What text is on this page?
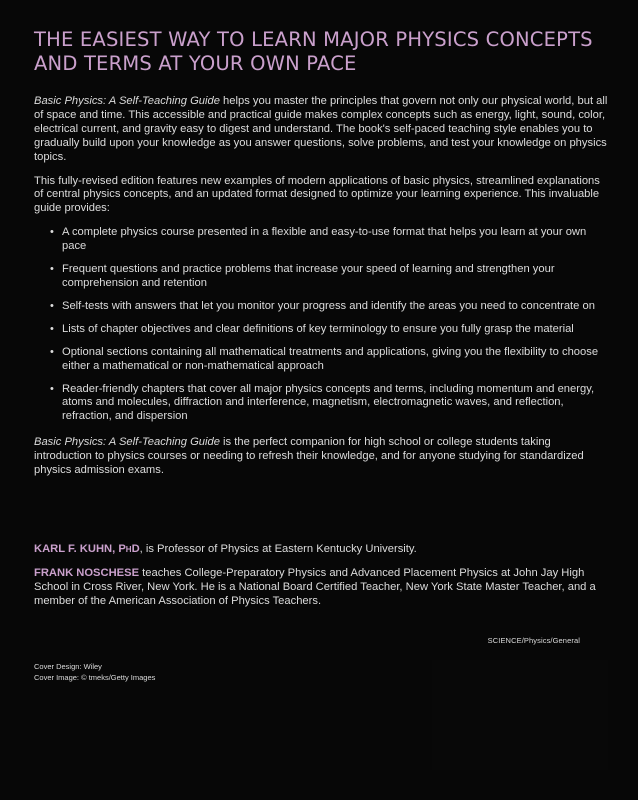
THE EASIEST WAY TO LEARN MAJOR PHYSICS CONCEPTS
AND TERMS AT YOUR OWN PACE

Basic Physics: A Self-Teaching Guide helps you master the principles that govern not only our physical world, but all of space and time. This accessible and practical guide makes complex concepts such as energy, light, sound, color, electrical current, and gravity easy to digest and understand. The book's self-paced teaching style enables you to gradually build upon your knowledge as you answer questions, solve problems, and test your knowledge on physics topics.

This fully-revised edition features new examples of modern applications of basic physics, streamlined explanations of central physics concepts, and an updated format designed to optimize your learning experience. This invaluable guide provides:

• A complete physics course presented in a flexible and easy-to-use format that helps you learn at your own pace
• Frequent questions and practice problems that increase your speed of learning and strengthen your comprehension and retention
• Self-tests with answers that let you monitor your progress and identify the areas you need to concentrate on
• Lists of chapter objectives and clear definitions of key terminology to ensure you fully grasp the material
• Optional sections containing all mathematical treatments and applications, giving you the flexibility to choose either a mathematical or non-mathematical approach
• Reader-friendly chapters that cover all major physics concepts and terms, including momentum and energy, atoms and molecules, diffraction and interference, magnetism, electromagnetic waves, and reflection, refraction, and dispersion

Basic Physics: A Self-Teaching Guide is the perfect companion for high school or college students taking introduction to physics courses or needing to refresh their knowledge, and for anyone studying for standardized physics admission exams.

KARL F. KUHN, PhD, is Professor of Physics at Eastern Kentucky University.

FRANK NOSCHESE teaches College-Preparatory Physics and Advanced Placement Physics at John Jay High School in Cross River, New York. He is a National Board Certified Teacher, New York State Master Teacher, and a member of the American Association of Physics Teachers.

SCIENCE/Physics/General
Cover Design: Wiley
Cover Image: © tmeks/Getty Images
